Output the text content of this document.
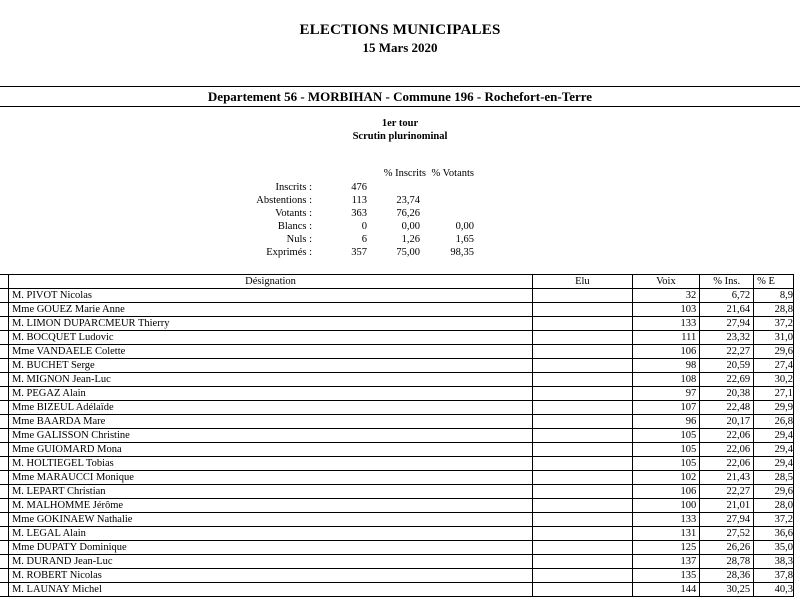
ELECTIONS MUNICIPALES
15 Mars 2020
Departement 56 - MORBIHAN - Commune 196 - Rochefort-en-Terre
1er tour
Scrutin plurinominal
% Inscrits % Votants
Inscrits :	476
Abstentions :	113	23,74
Votants :	363	76,26
Blancs :	0	0,00	0,00
Nuls :	6	1,26	1,65
Exprimés :	357	75,00	98,35
	Désignation	Elu	Voix	% Ins.	% E
	M. PIVOT Nicolas		32	6,72	8,9
	Mme GOUEZ Marie Anne		103	21,64	28,8
	M. LIMON DUPARCMEUR Thierry		133	27,94	37,2
	M. BOCQUET Ludovic		111	23,32	31,0
	Mme VANDAELE Colette		106	22,27	29,6
	M. BUCHET Serge		98	20,59	27,4
	M. MIGNON Jean-Luc		108	22,69	30,2
	M. PEGAZ Alain		97	20,38	27,1
	Mme BIZEUL Adélaïde		107	22,48	29,9
	Mme BAARDA Mare		96	20,17	26,8
	Mme GALISSON Christine		105	22,06	29,4
	Mme GUIOMARD Mona		105	22,06	29,4
	M. HOLTIEGEL Tobias		105	22,06	29,4
	Mme MARAUCCI Monique		102	21,43	28,5
	M. LEPART Christian		106	22,27	29,6
	M. MALHOMME Jérôme		100	21,01	28,0
	Mme GOKINAEW Nathalie		133	27,94	37,2
	M. LEGAL Alain		131	27,52	36,6
	Mme DUPATY Dominique		125	26,26	35,0
	M. DURAND Jean-Luc		137	28,78	38,3
	M. ROBERT Nicolas		135	28,36	37,8
	M. LAUNAY Michel		144	30,25	40,3
